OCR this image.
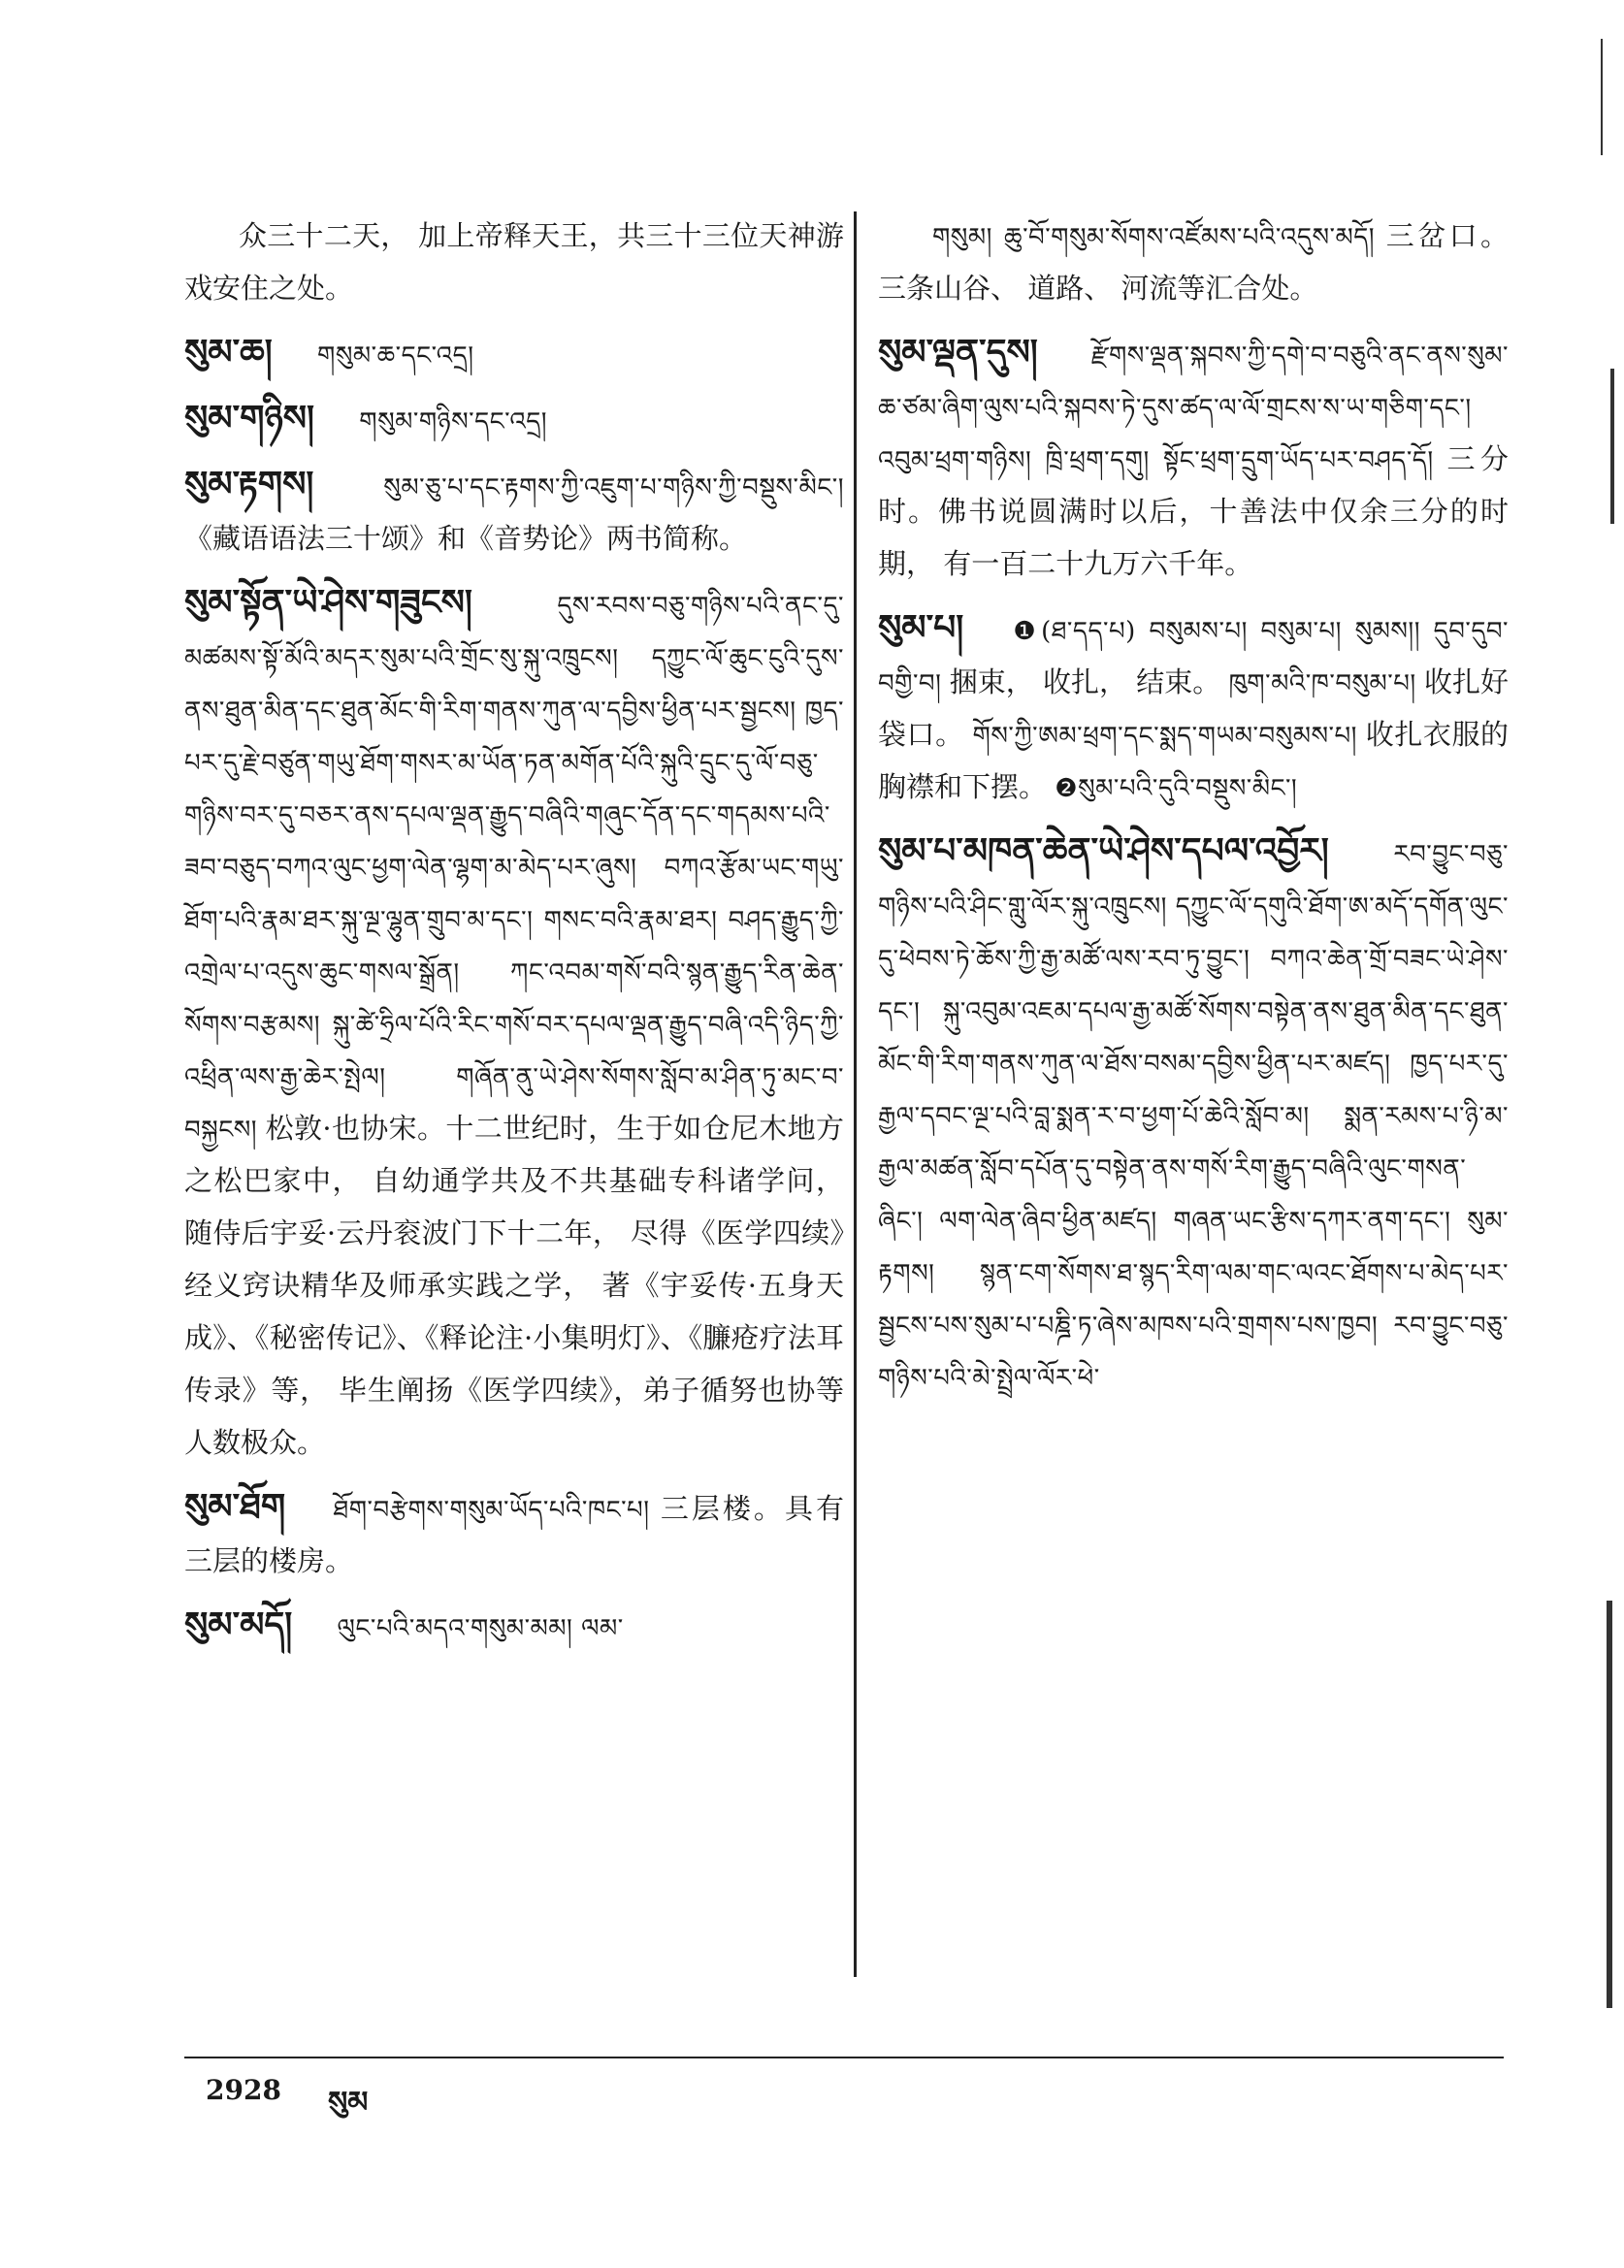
众三十二天， 加上帝释天王，共三十三位天神游戏安住之处。
སུམ་ཆ། གསུམ་ཆ་དང་འདྲ།
སུམ་གཉིས། གསུམ་གཉིས་དང་འདྲ།
སུམ་རྟགས།	སུམ་ཅུ་པ་དང་རྟགས་ཀྱི་འཇུག་པ་གཉིས་ཀྱི་བསྡུས་མིང་། 《藏语语法三十颂》和《音势论》两书简称。
སུམ་སྟོན་ཡེ་ཤེས་གཟུངས།	དུས་རབས་བཅུ་གཉིས་པའི་ནང་དུ་མཚམས་སྟོ་མོའི་མདར་སུམ་པའི་གྲོང་སུ་སྐུ་འཁྲུངས། དཀྱུང་ལོ་ཆུང་ངུའི་དུས་ནས་ཐུན་མིན་དང་ཐུན་མོང་གི་རིག་གནས་ཀུན་ལ་དབྱིས་ཕྱིན་པར་སྦྱངས། ཁྱད་པར་དུ་རྗེ་བཙུན་གཡུ་ཐོག་གསར་མ་ཡོན་ཏན་མགོན་པོའི་སྐུའི་དྲུང་དུ་ལོ་བཅུ་གཉིས་བར་དུ་བཅར་ནས་དཔལ་ལྡན་རྒྱུད་བཞིའི་གཞུང་དོན་དང་གདམས་པའི་ཟབ་བཅུད་བཀའ་ལུང་ཕྱག་ལེན་ལྷག་མ་མེད་པར་ཞུས། བཀའ་རྩོམ་ཡང་གཡུ་ཐོག་པའི་རྣམ་ཐར་སྐུ་ལྔ་ལྷུན་གྲུབ་མ་དང་། གསང་བའི་རྣམ་ཐར། བཤད་རྒྱུད་ཀྱི་འགྲེལ་པ་འདུས་ཆུང་གསལ་སྒྲོན། ཀང་འབམ་གསོ་བའི་སྙན་རྒྱུད་རིན་ཆེན་སོགས་བརྩམས། སྐུ་ཚེ་ཧྲིལ་པོའི་རིང་གསོ་བར་དཔལ་ལྡན་རྒྱུད་བཞི་འདི་ཉིད་ཀྱི་འཕྲིན་ལས་རྒྱ་ཆེར་སྤེལ། གཞོན་ནུ་ཡེ་ཤེས་སོགས་སློབ་མ་ཤིན་ཏུ་མང་བ་བསྐྱངས། 松敦·也协宋。十二世纪时，生于如仓尼木地方之松巴家中， 自幼通学共及不共基础专科诸学问， 随侍后宇妥·云丹衮波门下十二年， 尽得《医学四续》经义窍诀精华及师承实践之学， 著《宇妥传·五身天成》、《秘密传记》、《释论注·小集明灯》、《臁疮疗法耳传录》等， 毕生阐扬《医学四续》，弟子循努也协等人数极众。
སུམ་ཐོག ཐོག་བརྩེགས་གསུམ་ཡོད་པའི་ཁང་པ། 三层楼。具有三层的楼房。
སུམ་མདོ། ལུང་པའི་མདའ་གསུམ་མམ། ལམ་
གསུམ། ཆུ་བོ་གསུམ་སོགས་འཛོམས་པའི་འདུས་མདོ། 三岔口。三条山谷、 道路、 河流等汇合处。
སུམ་ལྡན་དུས། རྫོགས་ལྡན་སྐབས་ཀྱི་དགེ་བ་བཅུའི་ནང་ནས་སུམ་ཆ་ཙམ་ཞིག་ལུས་པའི་སྐབས་ཏེ་དུས་ཚད་ལ་ལོ་གྲངས་ས་ཡ་གཅིག་དང་། འབུམ་ཕྲག་གཉིས། ཁྲི་ཕྲག་དགུ། སྟོང་ཕྲག་དྲུག་ཡོད་པར་བཤད་དོ། 三分时。佛书说圆满时以后，十善法中仅余三分的时期， 有一百二十九万六千年。
སུམ་པ། ❶(ཐ་དད་པ) བསུམས་པ། བསུམ་པ། སུམས།། དུབ་དུབ་བགྱི་བ། 捆束， 收扎， 结束。 ཁུག་མའི་ཁ་བསུམ་པ། 收扎好袋口。 གོས་ཀྱི་ཨམ་ཕྲག་དང་སྨད་གཡམ་བསུམས་པ། 收扎衣服的胸襟和下摆。 ❷སུམ་པའི་དུའི་བསྡུས་མིང་།
སུམ་པ་མཁན་ཆེན་ཡེ་ཤེས་དཔལ་འབྱོར།	རབ་བྱུང་བཅུ་གཉིས་པའི་ཤིང་གླུ་ལོར་སྐུ་འཁྲུངས། དཀྱུང་ལོ་དགུའི་ཐོག་ཨ་མདོ་དགོན་ལུང་དུ་ཕེབས་ཏེ་ཆོས་ཀྱི་རྒྱ་མཚོ་ལས་རབ་ཏུ་བྱུང་། བཀའ་ཆེན་གྲོ་བཟང་ཡེ་ཤེས་དང་། སྐུ་འབུམ་འཇམ་དཔལ་རྒྱ་མཚོ་སོགས་བསྟེན་ནས་ཐུན་མིན་དང་ཐུན་མོང་གི་རིག་གནས་ཀུན་ལ་ཐོས་བསམ་དབྱིས་ཕྱིན་པར་མཛད། ཁྱད་པར་དུ་རྒྱལ་དབང་ལྔ་པའི་བླ་སྨན་ར་བ་ཕྱག་པོ་ཆེའི་སློབ་མ། སྨན་རམས་པ་ཉི་མ་རྒྱལ་མཚན་སློབ་དཔོན་དུ་བསྟེན་ནས་གསོ་རིག་རྒྱུད་བཞིའི་ལུང་གསན་ཞིང་། ལག་ལེན་ཞིབ་ཕྱིན་མཛད། གཞན་ཡང་རྩིས་དཀར་ནག་དང་། སུམ་རྟགས། སྙན་ངག་སོགས་ཐ་སྙད་རིག་ལམ་གང་ལའང་ཐོགས་པ་མེད་པར་སྦྱངས་པས་སུམ་པ་པཎྜི་ཏ་ཞེས་མཁས་པའི་གྲགས་པས་ཁྱབ། རབ་བྱུང་བཅུ་གཉིས་པའི་མེ་སྤྲེལ་ལོར་ཕེ་
2928 སུམ
